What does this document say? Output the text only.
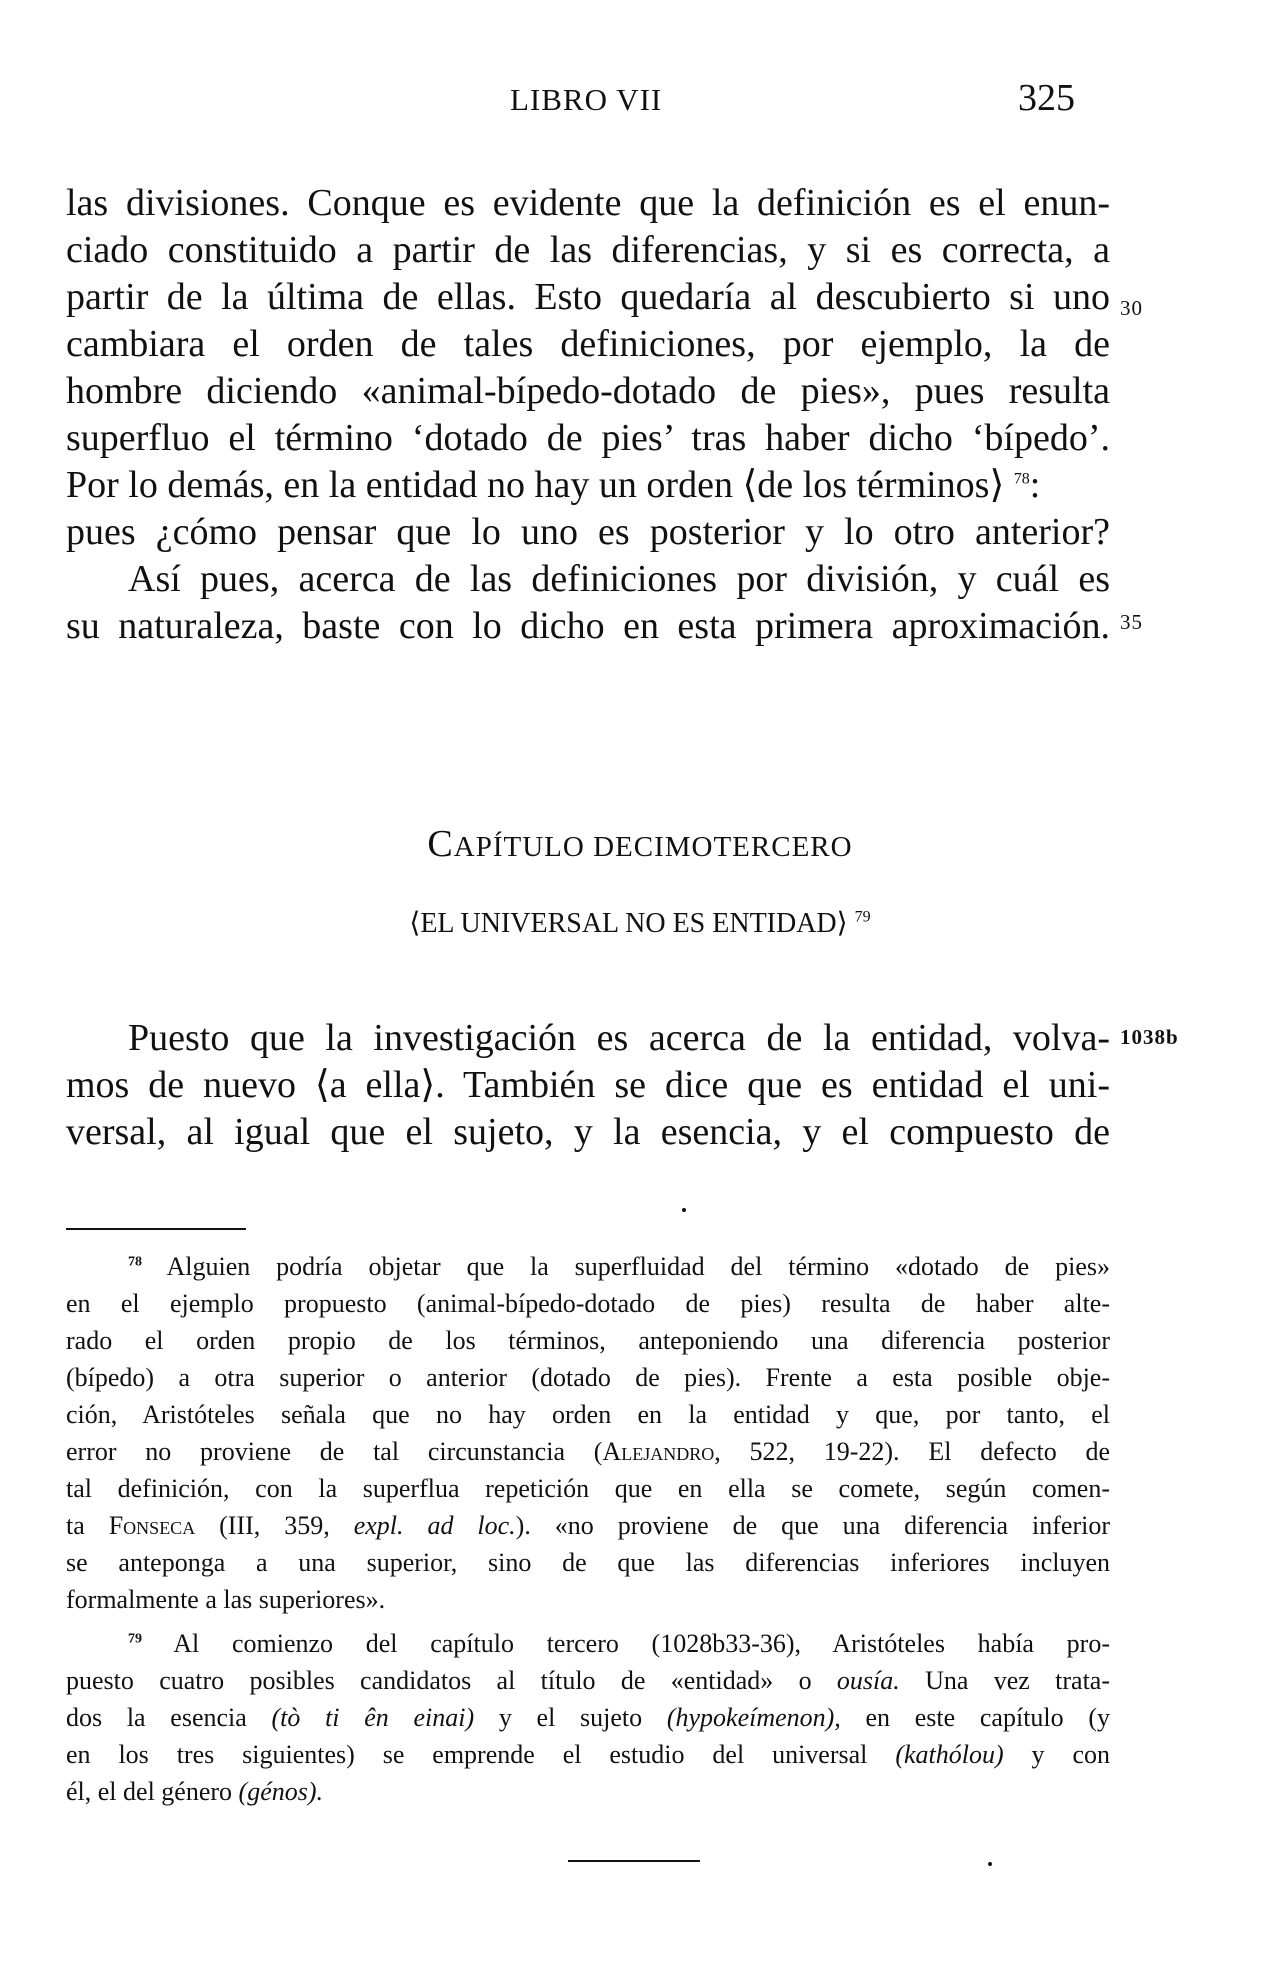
LIBRO VII	325
las divisiones. Conque es evidente que la definición es el enun-
ciado constituido a partir de las diferencias, y si es correcta, a
partir de la última de ellas. Esto quedaría al descubierto si uno
cambiara el orden de tales definiciones, por ejemplo, la de
hombre diciendo «animal-bípedo-dotado de pies», pues resulta
superfluo el término ‘dotado de pies’ tras haber dicho ‘bípedo’.
Por lo demás, en la entidad no hay un orden ⟨de los términos⟩ $^{78}$:
pues ¿cómo pensar que lo uno es posterior y lo otro anterior?
Así pues, acerca de las definiciones por división, y cuál es
su naturaleza, baste con lo dicho en esta primera aproximación.
30
35
1038b
CAPÍTULO DECIMOTERCERO
⟨EL UNIVERSAL NO ES ENTIDAD⟩ $^{79}$
Puesto que la investigación es acerca de la entidad, volva-
mos de nuevo ⟨a ella⟩. También se dice que es entidad el uni-
versal, al igual que el sujeto, y la esencia, y el compuesto de
$^{78}$ Alguien podría objetar que la superfluidad del término «dotado de pies»
en el ejemplo propuesto (animal-bípedo-dotado de pies) resulta de haber alte-
rado el orden propio de los términos, anteponiendo una diferencia posterior
(bípedo) a otra superior o anterior (dotado de pies). Frente a esta posible obje-
ción, Aristóteles señala que no hay orden en la entidad y que, por tanto, el
error no proviene de tal circunstancia (Alejandro, 522, 19-22). El defecto de
tal definición, con la superflua repetición que en ella se comete, según comen-
ta Fonseca (III, 359, expl. ad loc.). «no proviene de que una diferencia inferior
se anteponga a una superior, sino de que las diferencias inferiores incluyen
formalmente a las superiores».
$^{79}$ Al comienzo del capítulo tercero (1028b33-36), Aristóteles había pro-
puesto cuatro posibles candidatos al título de «entidad» o ousía. Una vez trata-
dos la esencia (tò ti ên einai) y el sujeto (hypokeímenon), en este capítulo (y
en los tres siguientes) se emprende el estudio del universal (kathólou) y con
él, el del género (génos).
